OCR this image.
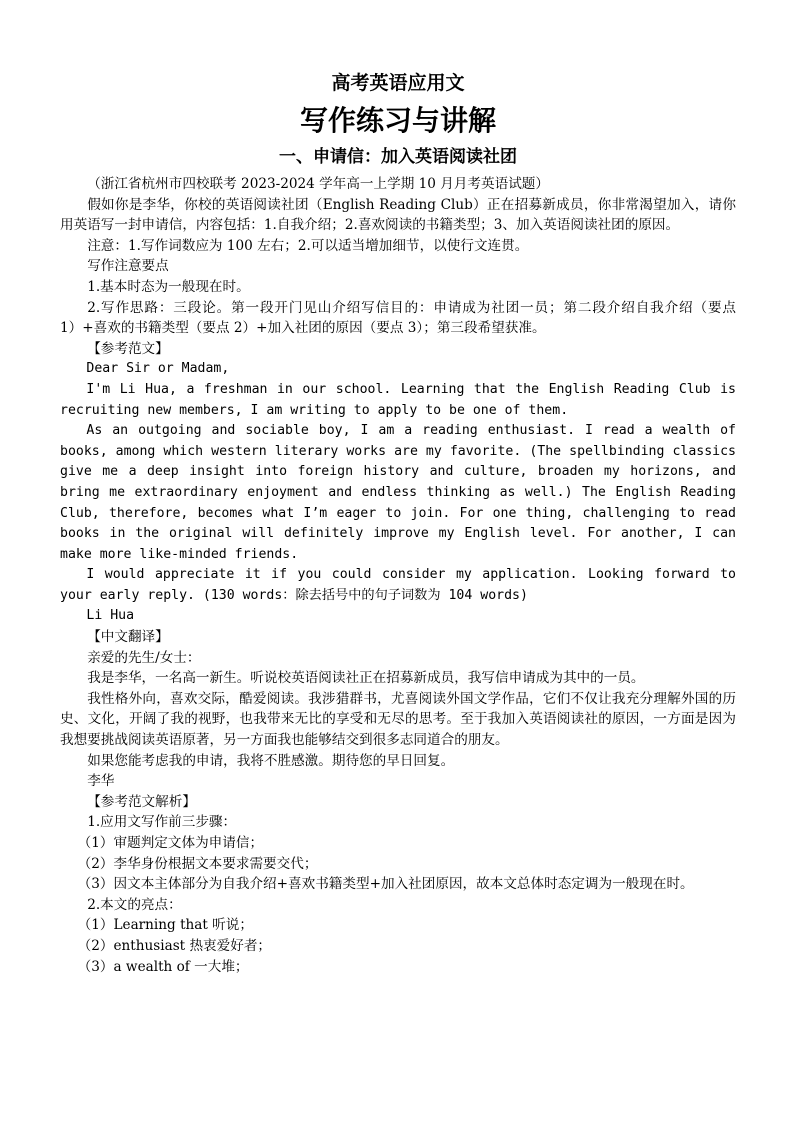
高考英语应用文
写作练习与讲解
一、申请信：加入英语阅读社团

（浙江省杭州市四校联考 2023-2024 学年高一上学期 10 月月考英语试题）

假如你是李华，你校的英语阅读社团（English Reading Club）正在招募新成员，你非常渴望加入，请你用英语写一封申请信，内容包括：1.自我介绍；2.喜欢阅读的书籍类型；3、加入英语阅读社团的原因。

注意：1.写作词数应为 100 左右；2.可以适当增加细节，以使行文连贯。

写作注意要点

1.基本时态为一般现在时。

2.写作思路：三段论。第一段开门见山介绍写信目的：申请成为社团一员；第二段介绍自我介绍（要点 1）+喜欢的书籍类型（要点 2）+加入社团的原因（要点 3）；第三段希望获准。

【参考范文】

Dear Sir or Madam,

I'm Li Hua, a freshman in our school. Learning that the English Reading Club is recruiting new members, I am writing to apply to be one of them.

As an outgoing and sociable boy, I am a reading enthusiast. I read a wealth of books, among which western literary works are my favorite. (The spellbinding classics give me a deep insight into foreign history and culture, broaden my horizons, and bring me extraordinary enjoyment and endless thinking as well.) The English Reading Club, therefore, becomes what I’m eager to join. For one thing, challenging to read books in the original will definitely improve my English level. For another, I can make more like-minded friends.

I would appreciate it if you could consider my application. Looking forward to your early reply. (130 words：除去括号中的句子词数为 104 words)

Li Hua

【中文翻译】

亲爱的先生/女士：

我是李华，一名高一新生。听说校英语阅读社正在招募新成员，我写信申请成为其中的一员。

我性格外向，喜欢交际，酷爱阅读。我涉猎群书，尤喜阅读外国文学作品，它们不仅让我充分理解外国的历史、文化，开阔了我的视野，也我带来无比的享受和无尽的思考。至于我加入英语阅读社的原因，一方面是因为我想要挑战阅读英语原著，另一方面我也能够结交到很多志同道合的朋友。

如果您能考虑我的申请，我将不胜感激。期待您的早日回复。

李华

【参考范文解析】

1.应用文写作前三步骤：

（1）审题判定文体为申请信；

（2）李华身份根据文本要求需要交代；

（3）因文本主体部分为自我介绍+喜欢书籍类型+加入社团原因，故本文总体时态定调为一般现在时。

2.本文的亮点：

（1）Learning that 听说；

（2）enthusiast 热衷爱好者；

（3）a wealth of 一大堆；
